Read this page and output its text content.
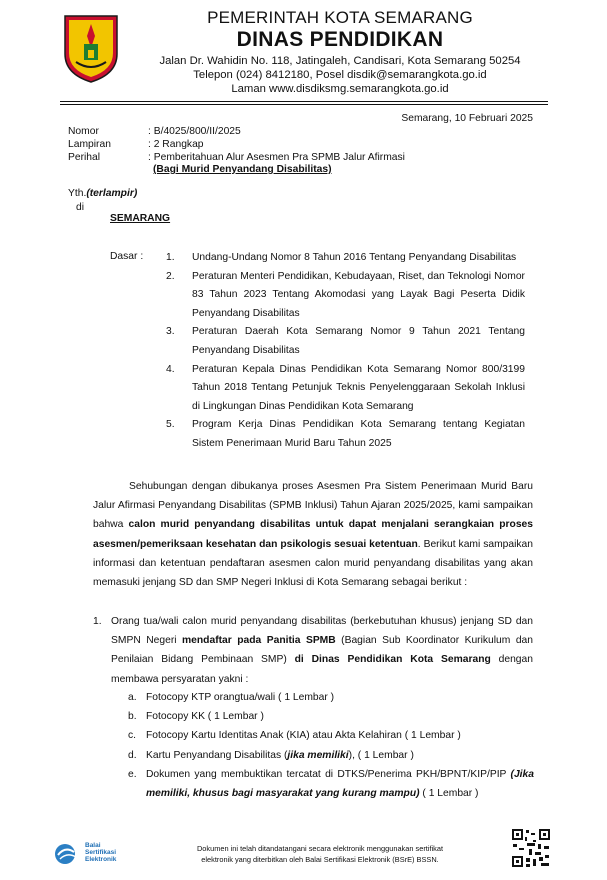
PEMERINTAH KOTA SEMARANG
DINAS PENDIDIKAN
Jalan Dr. Wahidin No. 118, Jatingaleh, Candisari, Kota Semarang 50254
Telepon (024) 8412180, Posel disdik@semarangkota.go.id
Laman www.disdiksmg.semarangkota.go.id
Semarang, 10 Februari 2025
Nomor	: B/4025/800/II/2025
Lampiran	: 2 Rangkap
Perihal	: Pemberitahuan Alur Asesmen Pra SPMB Jalur Afirmasi
(Bagi Murid Penyandang Disabilitas)
Yth.(terlampir)
di
SEMARANG
Dasar : 1.	Undang-Undang Nomor 8 Tahun 2016 Tentang Penyandang Disabilitas
2.	Peraturan Menteri Pendidikan, Kebudayaan, Riset, dan Teknologi Nomor 83 Tahun 2023 Tentang Akomodasi yang Layak Bagi Peserta Didik Penyandang Disabilitas
3.	Peraturan Daerah Kota Semarang Nomor 9 Tahun 2021 Tentang Penyandang Disabilitas
4.	Peraturan Kepala Dinas Pendidikan Kota Semarang Nomor 800/3199 Tahun 2018 Tentang Petunjuk Teknis Penyelenggaraan Sekolah Inklusi di Lingkungan Dinas Pendidikan Kota Semarang
5.	Program Kerja Dinas Pendidikan Kota Semarang tentang Kegiatan Sistem Penerimaan Murid Baru Tahun 2025
Sehubungan dengan dibukanya proses Asesmen Pra Sistem Penerimaan Murid Baru Jalur Afirmasi Penyandang Disabilitas (SPMB Inklusi) Tahun Ajaran 2025/2025, kami sampaikan bahwa calon murid penyandang disabilitas untuk dapat menjalani serangkaian proses asesmen/pemeriksaan kesehatan dan psikologis sesuai ketentuan. Berikut kami sampaikan informasi dan ketentuan pendaftaran asesmen calon murid penyandang disabilitas yang akan memasuki jenjang SD dan SMP Negeri Inklusi di Kota Semarang sebagai berikut :
1. Orang tua/wali calon murid penyandang disabilitas (berkebutuhan khusus) jenjang SD dan SMPN Negeri mendaftar pada Panitia SPMB (Bagian Sub Koordinator Kurikulum dan Penilaian Bidang Pembinaan SMP) di Dinas Pendidikan Kota Semarang dengan membawa persyaratan yakni :
a. Fotocopy KTP orangtua/wali ( 1 Lembar )
b. Fotocopy KK ( 1 Lembar )
c. Fotocopy Kartu Identitas Anak (KIA) atau Akta Kelahiran ( 1 Lembar )
d. Kartu Penyandang Disabilitas (jika memiliki), ( 1 Lembar )
e. Dokumen yang membuktikan tercatat di DTKS/Penerima PKH/BPNT/KIP/PIP (Jika memiliki, khusus bagi masyarakat yang kurang mampu) ( 1 Lembar )
Balai
Sertifikasi
Elektronik
Dokumen ini telah ditandatangani secara elektronik menggunakan sertifikat
elektronik yang diterbitkan oleh Balai Sertifikasi Elektronik (BSrE) BSSN.
